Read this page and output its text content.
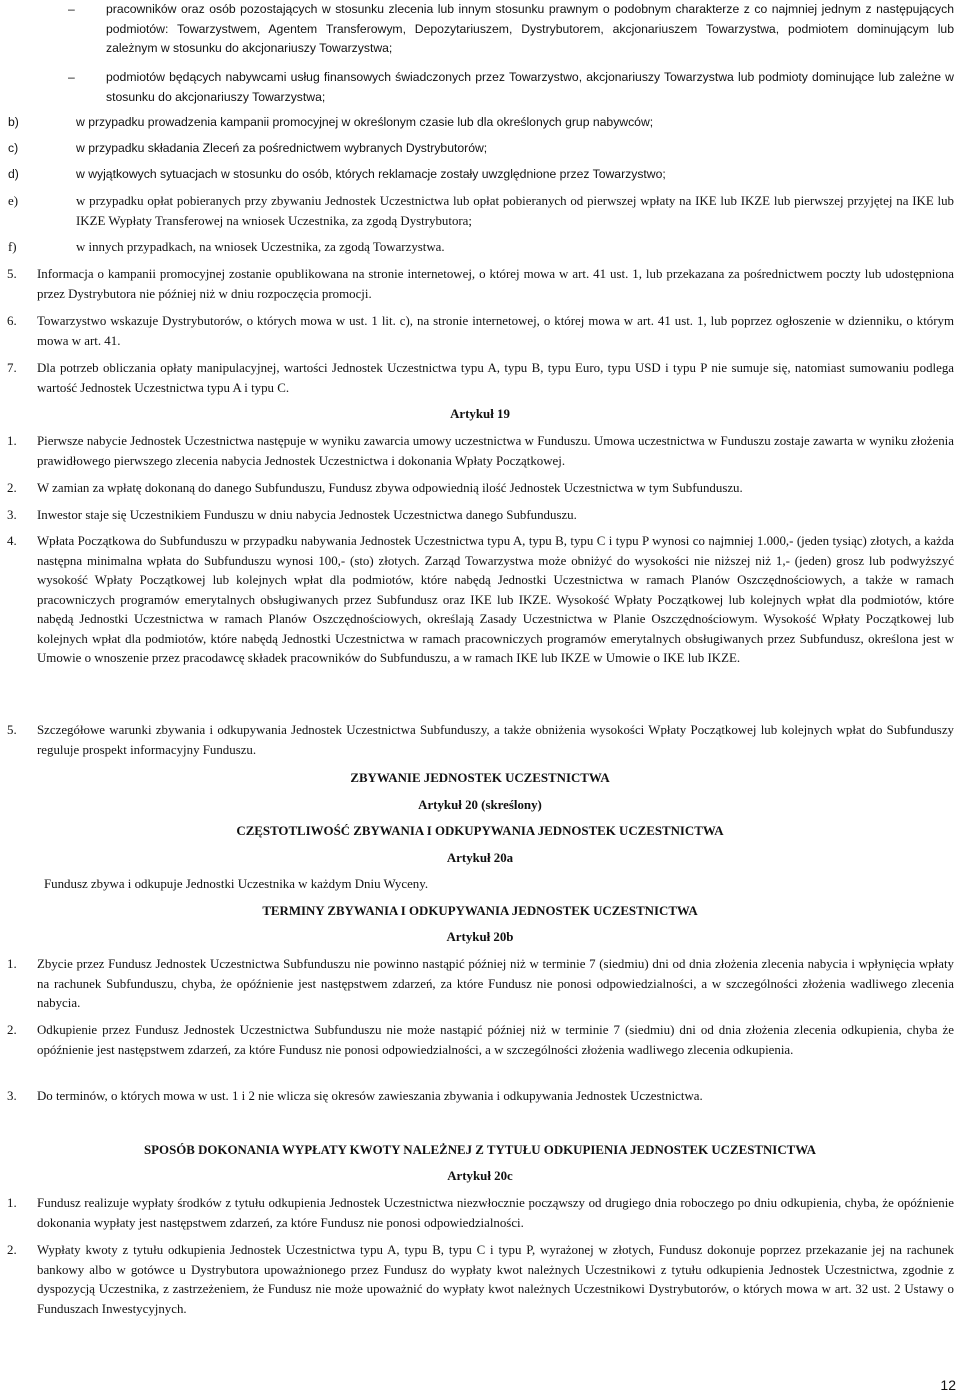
–	pracowników oraz osób pozostających w stosunku zlecenia lub innym stosunku prawnym o podobnym charakterze z co najmniej jednym z następujących podmiotów: Towarzystwem, Agentem Transferowym, Depozytariuszem, Dystrybutorem, akcjonariuszem Towarzystwa, podmiotem dominującym lub zależnym w stosunku do akcjonariuszy Towarzystwa;
–	podmiotów będących nabywcami usług finansowych świadczonych przez Towarzystwo, akcjonariuszy Towarzystwa lub podmioty dominujące lub zależne w stosunku do akcjonariuszy Towarzystwa;
b)	w przypadku prowadzenia kampanii promocyjnej w określonym czasie lub dla określonych grup nabywców;
c)	w przypadku składania Zleceń za pośrednictwem wybranych Dystrybutorów;
d)	w wyjątkowych sytuacjach w stosunku do osób, których reklamacje zostały uwzględnione przez Towarzystwo;
e)	w przypadku opłat pobieranych przy zbywaniu Jednostek Uczestnictwa lub opłat pobieranych od pierwszej wpłaty na IKE lub IKZE lub pierwszej przyjętej na IKE lub IKZE Wypłaty Transferowej na wniosek Uczestnika, za zgodą Dystrybutora;
f)	w innych przypadkach, na wniosek Uczestnika, za zgodą Towarzystwa.
5. Informacja o kampanii promocyjnej zostanie opublikowana na stronie internetowej, o której mowa w art. 41 ust. 1, lub przekazana za pośrednictwem poczty lub udostępniona przez Dystrybutora nie później niż w dniu rozpoczęcia promocji.
6. Towarzystwo wskazuje Dystrybutorów, o których mowa w ust. 1 lit. c), na stronie internetowej, o której mowa w art. 41 ust. 1, lub poprzez ogłoszenie w dzienniku, o którym mowa w art. 41.
7. Dla potrzeb obliczania opłaty manipulacyjnej, wartości Jednostek Uczestnictwa typu A, typu B, typu Euro, typu USD i typu P nie sumuje się, natomiast sumowaniu podlega wartość Jednostek Uczestnictwa typu A i typu C.
Artykuł 19
1. Pierwsze nabycie Jednostek Uczestnictwa następuje w wyniku zawarcia umowy uczestnictwa w Funduszu. Umowa uczestnictwa w Funduszu zostaje zawarta w wyniku złożenia prawidłowego pierwszego zlecenia nabycia Jednostek Uczestnictwa i dokonania Wpłaty Początkowej.
2. W zamian za wpłatę dokonaną do danego Subfunduszu, Fundusz zbywa odpowiednią ilość Jednostek Uczestnictwa w tym Subfunduszu.
3. Inwestor staje się Uczestnikiem Funduszu w dniu nabycia Jednostek Uczestnictwa danego Subfunduszu.
4. Wpłata Początkowa do Subfunduszu w przypadku nabywania Jednostek Uczestnictwa typu A, typu B, typu C i typu P wynosi co najmniej 1.000,- (jeden tysiąc) złotych, a każda następna minimalna wpłata do Subfunduszu wynosi 100,- (sto) złotych. Zarząd Towarzystwa może obniżyć do wysokości nie niższej niż 1,- (jeden) grosz lub podwyższyć wysokość Wpłaty Początkowej lub kolejnych wpłat dla podmiotów, które nabędą Jednostki Uczestnictwa w ramach Planów Oszczędnościowych, a także w ramach pracowniczych programów emerytalnych obsługiwanych przez Subfundusz oraz IKE lub IKZE. Wysokość Wpłaty Początkowej lub kolejnych wpłat dla podmiotów, które nabędą Jednostki Uczestnictwa w ramach Planów Oszczędnościowych, określają Zasady Uczestnictwa w Planie Oszczędnościowym. Wysokość Wpłaty Początkowej lub kolejnych wpłat dla podmiotów, które nabędą Jednostki Uczestnictwa w ramach pracowniczych programów emerytalnych obsługiwanych przez Subfundusz, określona jest w Umowie o wnoszenie przez pracodawcę składek pracowników do Subfunduszu, a w ramach IKE lub IKZE w Umowie o IKE lub IKZE.
5. Szczegółowe warunki zbywania i odkupywania Jednostek Uczestnictwa Subfunduszy, a także obniżenia wysokości Wpłaty Początkowej lub kolejnych wpłat do Subfunduszy reguluje prospekt informacyjny Funduszu.
ZBYWANIE JEDNOSTEK UCZESTNICTWA
Artykuł 20 (skreślony)
CZĘSTOTLIWOŚĆ ZBYWANIA I ODKUPYWANIA JEDNOSTEK UCZESTNICTWA
Artykuł 20a
Fundusz zbywa i odkupuje Jednostki Uczestnika w każdym Dniu Wyceny.
TERMINY ZBYWANIA I ODKUPYWANIA JEDNOSTEK UCZESTNICTWA
Artykuł 20b
1. Zbycie przez Fundusz Jednostek Uczestnictwa Subfunduszu nie powinno nastąpić później niż w terminie 7 (siedmiu) dni od dnia złożenia zlecenia nabycia i wpłynięcia wpłaty na rachunek Subfunduszu, chyba, że opóźnienie jest następstwem zdarzeń, za które Fundusz nie ponosi odpowiedzialności, a w szczególności złożenia wadliwego zlecenia nabycia.
2. Odkupienie przez Fundusz Jednostek Uczestnictwa Subfunduszu nie może nastąpić później niż w terminie 7 (siedmiu) dni od dnia złożenia zlecenia odkupienia, chyba że opóźnienie jest następstwem zdarzeń, za które Fundusz nie ponosi odpowiedzialności, a w szczególności złożenia wadliwego zlecenia odkupienia.
3. Do terminów, o których mowa w ust. 1 i 2 nie wlicza się okresów zawieszania zbywania i odkupywania Jednostek Uczestnictwa.
SPOSÓB DOKONANIA WYPŁATY KWOTY NALEŻNEJ Z TYTUŁU ODKUPIENIA JEDNOSTEK UCZESTNICTWA
Artykuł 20c
1. Fundusz realizuje wypłaty środków z tytułu odkupienia Jednostek Uczestnictwa niezwłocznie począwszy od drugiego dnia roboczego po dniu odkupienia, chyba, że opóźnienie dokonania wypłaty jest następstwem zdarzeń, za które Fundusz nie ponosi odpowiedzialności.
2. Wypłaty kwoty z tytułu odkupienia Jednostek Uczestnictwa typu A, typu B, typu C i typu P, wyrażonej w złotych, Fundusz dokonuje poprzez przekazanie jej na rachunek bankowy albo w gotówce u Dystrybutora upoważnionego przez Fundusz do wypłaty kwot należnych Uczestnikowi z tytułu odkupienia Jednostek Uczestnictwa, zgodnie z dyspozycją Uczestnika, z zastrzeżeniem, że Fundusz nie może upoważnić do wypłaty kwot należnych Uczestnikowi Dystrybutorów, o których mowa w art. 32 ust. 2 Ustawy o Funduszach Inwestycyjnych.
12
